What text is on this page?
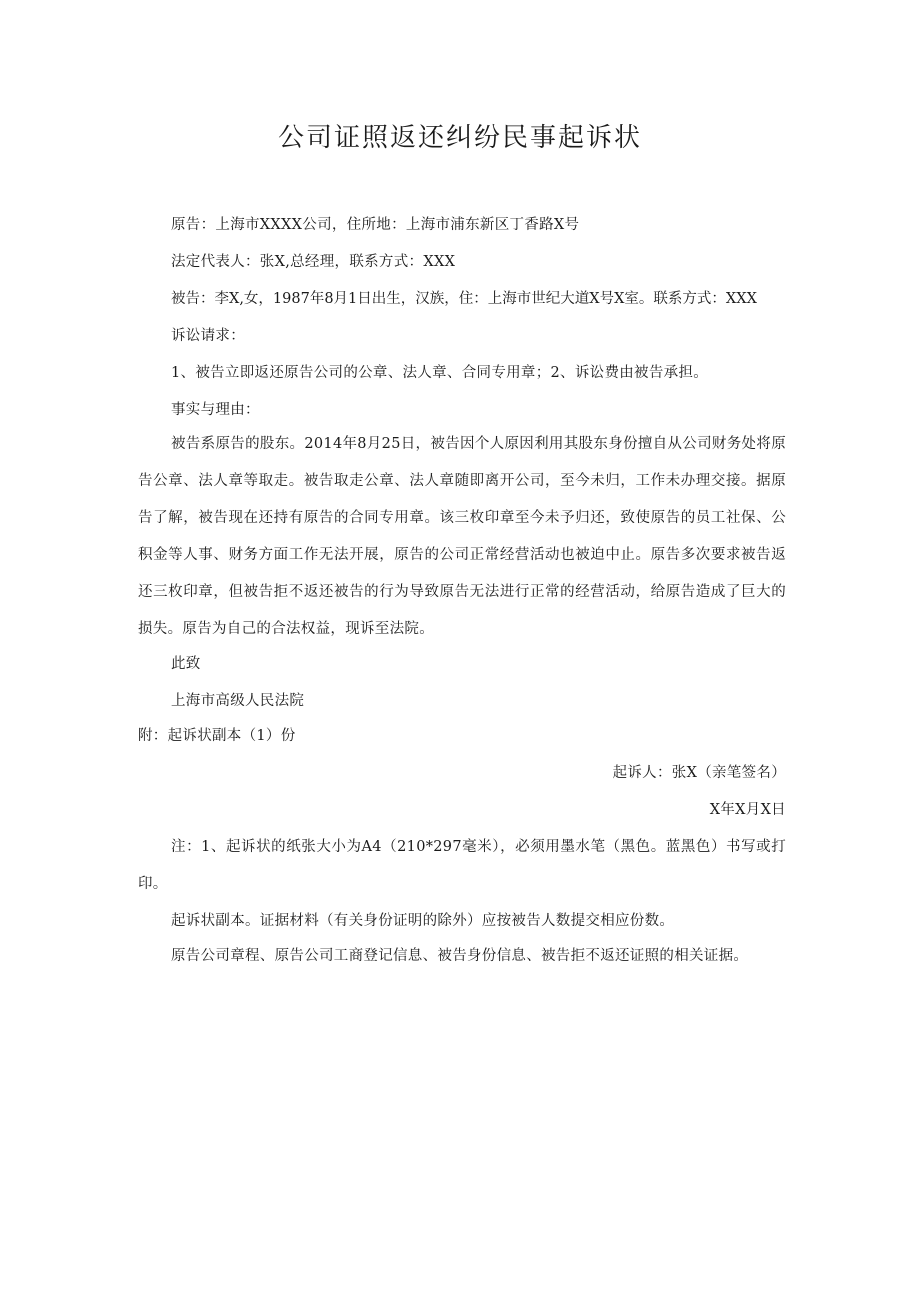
公司证照返还纠纷民事起诉状
原告：上海市XXXX公司，住所地：上海市浦东新区丁香路X号
法定代表人：张X,总经理，联系方式：XXX
被告：李X,女，1987年8月1日出生，汉族，住：上海市世纪大道X号X室。联系方式：XXX
诉讼请求：
1、被告立即返还原告公司的公章、法人章、合同专用章；2、诉讼费由被告承担。
事实与理由：
被告系原告的股东。2014年8月25日，被告因个人原因利用其股东身份擅自从公司财务处将原告公章、法人章等取走。被告取走公章、法人章随即离开公司，至今未归，工作未办理交接。据原告了解，被告现在还持有原告的合同专用章。该三枚印章至今未予归还，致使原告的员工社保、公积金等人事、财务方面工作无法开展，原告的公司正常经营活动也被迫中止。原告多次要求被告返还三枚印章，但被告拒不返还被告的行为导致原告无法进行正常的经营活动，给原告造成了巨大的损失。原告为自己的合法权益，现诉至法院。
此致
上海市高级人民法院
附：起诉状副本（1）份
起诉人：张X（亲笔签名）
X年X月X日
注：1、起诉状的纸张大小为A4（210*297毫米），必须用墨水笔（黑色。蓝黑色）书写或打印。
起诉状副本。证据材料（有关身份证明的除外）应按被告人数提交相应份数。
原告公司章程、原告公司工商登记信息、被告身份信息、被告拒不返还证照的相关证据。
